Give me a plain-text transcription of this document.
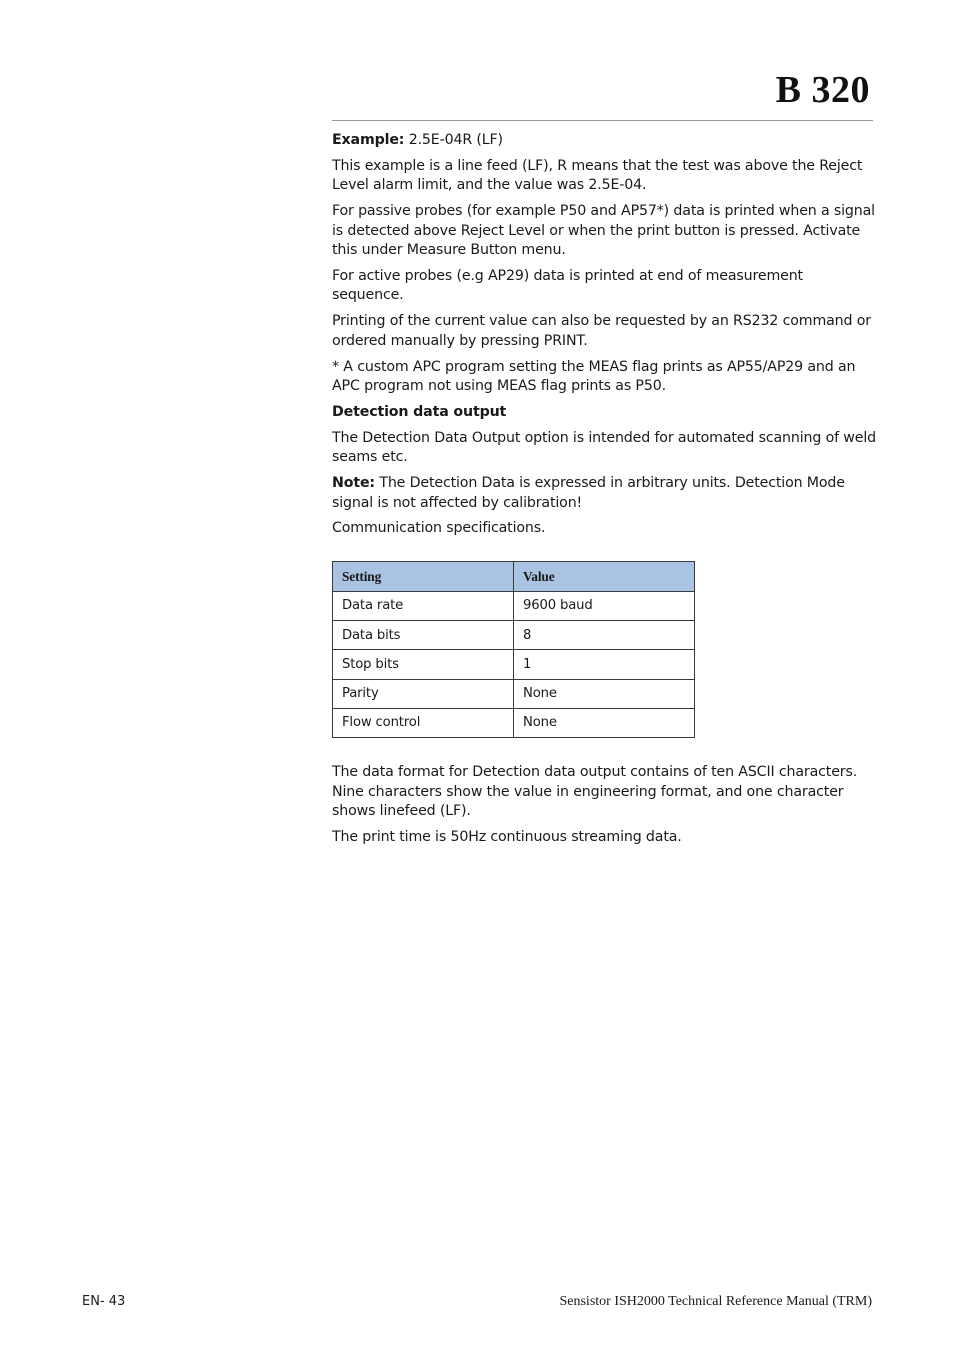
B 320

Example: 2.5E-04R (LF)

This example is a line feed (LF), R means that the test was above the Reject Level alarm limit, and the value was 2.5E-04.

For passive probes (for example P50 and AP57*) data is printed when a signal is detected above Reject Level or when the print button is pressed. Activate this under Measure Button menu.

For active probes (e.g AP29) data is printed at end of measurement sequence.

Printing of the current value can also be requested by an RS232 command or ordered manually by pressing PRINT.

* A custom APC program setting the MEAS flag prints as AP55/AP29 and an APC program not using MEAS flag prints as P50.

Detection data output

The Detection Data Output option is intended for automated scanning of weld seams etc.

Note: The Detection Data is expressed in arbitrary units. Detection Mode signal is not affected by calibration!

Communication specifications.

Setting	Value
Data rate	9600 baud
Data bits	8
Stop bits	1
Parity	None
Flow control	None

The data format for Detection data output contains of ten ASCII characters. Nine characters show the value in engineering format, and one character shows linefeed (LF).

The print time is 50Hz continuous streaming data.

EN- 43	Sensistor ISH2000 Technical Reference Manual (TRM)
